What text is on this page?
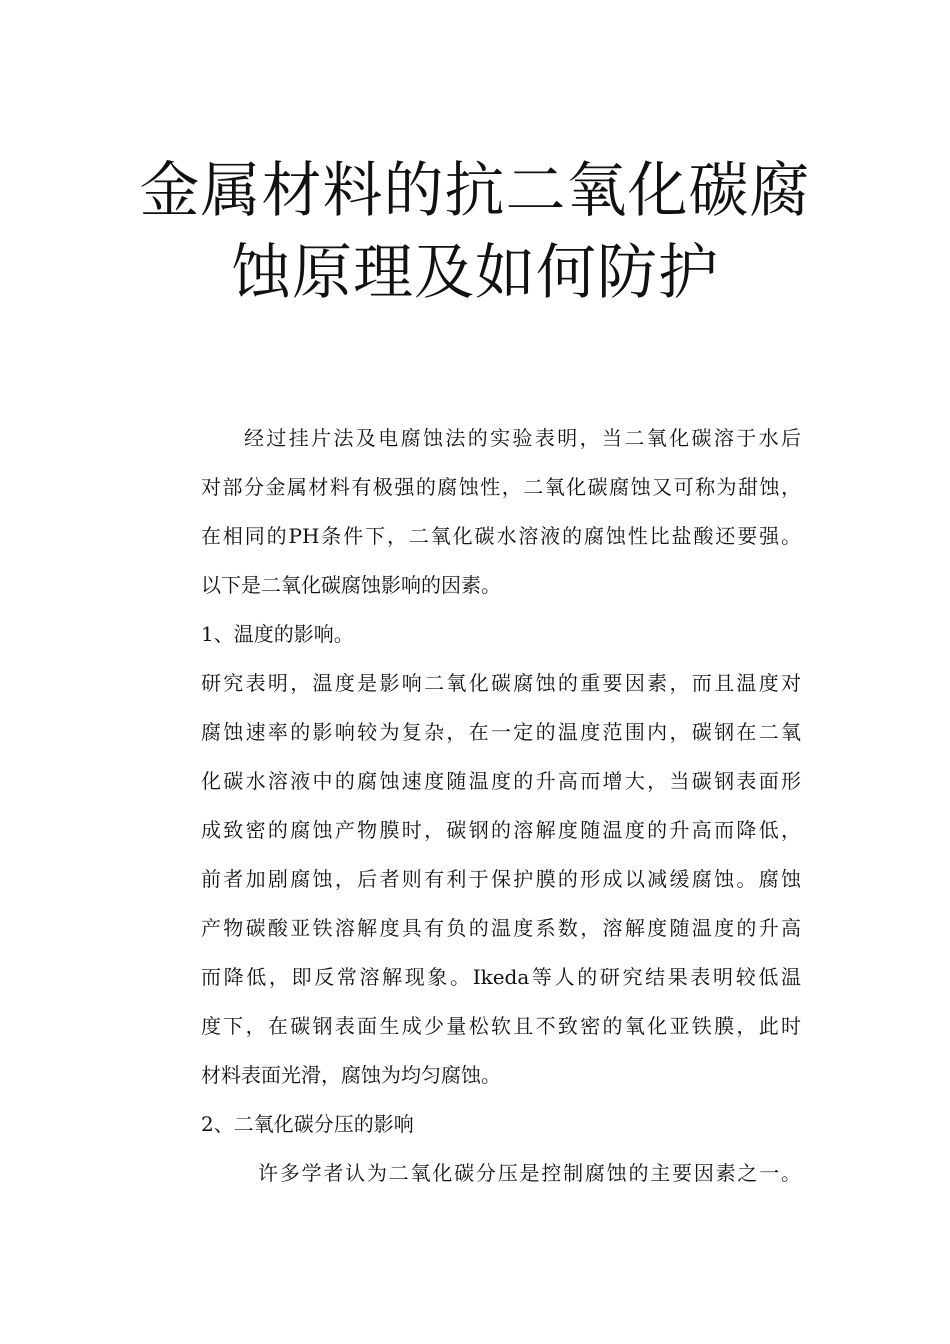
金属材料的抗二氧化碳腐
蚀原理及如何防护
经过挂片法及电腐蚀法的实验表明，当二氧化碳溶于水后
对部分金属材料有极强的腐蚀性，二氧化碳腐蚀又可称为甜蚀，
在相同的PH条件下，二氧化碳水溶液的腐蚀性比盐酸还要强。
以下是二氧化碳腐蚀影响的因素。
1、温度的影响。
研究表明，温度是影响二氧化碳腐蚀的重要因素，而且温度对
腐蚀速率的影响较为复杂，在一定的温度范围内，碳钢在二氧
化碳水溶液中的腐蚀速度随温度的升高而增大，当碳钢表面形
成致密的腐蚀产物膜时，碳钢的溶解度随温度的升高而降低，
前者加剧腐蚀，后者则有利于保护膜的形成以减缓腐蚀。腐蚀
产物碳酸亚铁溶解度具有负的温度系数，溶解度随温度的升高
而降低，即反常溶解现象。Ikeda等人的研究结果表明较低温
度下，在碳钢表面生成少量松软且不致密的氧化亚铁膜，此时
材料表面光滑，腐蚀为均匀腐蚀。
2、二氧化碳分压的影响
许多学者认为二氧化碳分压是控制腐蚀的主要因素之一。
